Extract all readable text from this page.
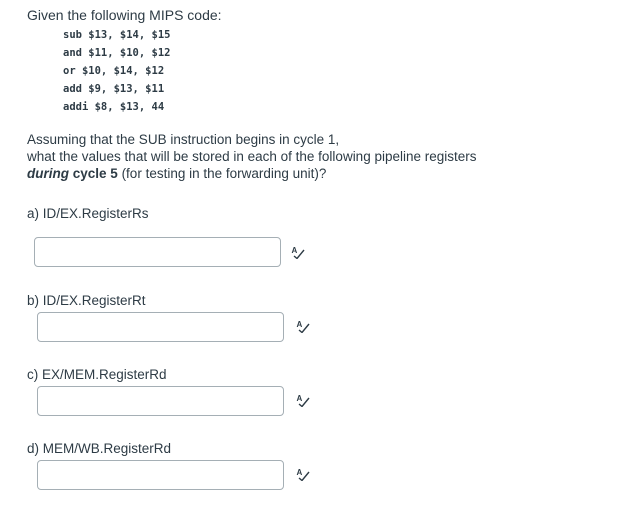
Given the following MIPS code:
sub $13, $14, $15
and $11, $10, $12
or $10, $14, $12
add $9, $13, $11
addi $8, $13, 44
Assuming that the SUB instruction begins in cycle 1,
what the values that will be stored in each of the following pipeline registers
during cycle 5 (for testing in the forwarding unit)?
a) ID/EX.RegisterRs
A
b) ID/EX.RegisterRt
A
c) EX/MEM.RegisterRd
A
d) MEM/WB.RegisterRd
A
